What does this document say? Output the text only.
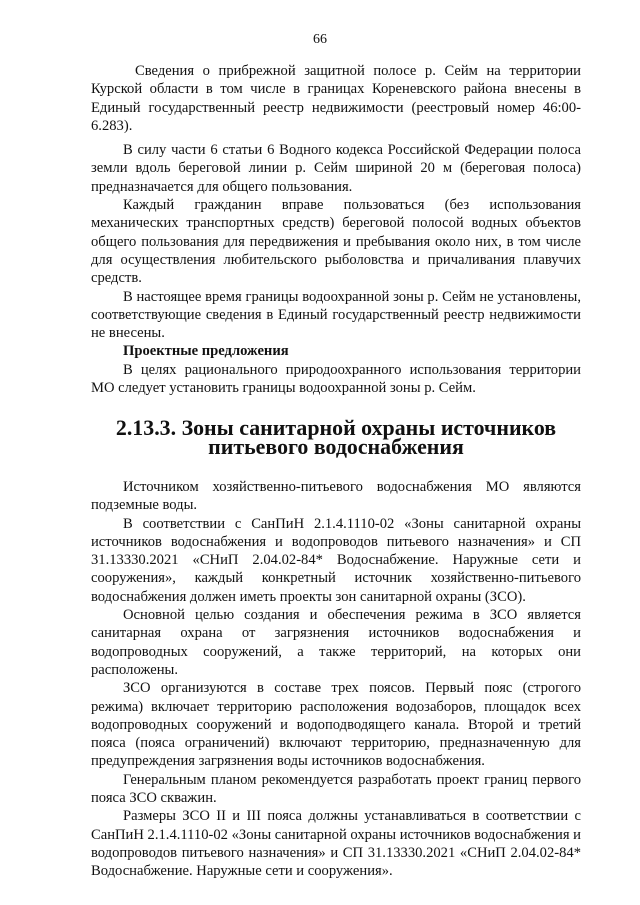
66

Сведения о прибрежной защитной полосе р. Сейм на территории Курской области в том числе в границах Кореневского района внесены в Единый государственный реестр недвижимости (реестровый номер 46:00-6.283).

В силу части 6 статьи 6 Водного кодекса Российской Федерации полоса земли вдоль береговой линии р. Сейм шириной 20 м (береговая полоса) предназначается для общего пользования.

Каждый гражданин вправе пользоваться (без использования механических транспортных средств) береговой полосой водных объектов общего пользования для передвижения и пребывания около них, в том числе для осуществления любительского рыболовства и причаливания плавучих средств.

В настоящее время границы водоохранной зоны р. Сейм не установлены, соответствующие сведения в Единый государственный реестр недвижимости не внесены.

Проектные предложения

В целях рационального природоохранного использования территории МО следует установить границы водоохранной зоны р. Сейм.

2.13.3. Зоны санитарной охраны источников
питьевого водоснабжения

Источником хозяйственно-питьевого водоснабжения МО являются подземные воды.

В соответствии с СанПиН 2.1.4.1110-02 «Зоны санитарной охраны источников водоснабжения и водопроводов питьевого назначения» и СП 31.13330.2021 «СНиП 2.04.02-84* Водоснабжение. Наружные сети и сооружения», каждый конкретный источник хозяйственно-питьевого водоснабжения должен иметь проекты зон санитарной охраны (ЗСО).

Основной целью создания и обеспечения режима в ЗСО является санитарная охрана от загрязнения источников водоснабжения и водопроводных сооружений, а также территорий, на которых они расположены.

ЗСО организуются в составе трех поясов. Первый пояс (строгого режима) включает территорию расположения водозаборов, площадок всех водопроводных сооружений и водоподводящего канала. Второй и третий пояса (пояса ограничений) включают территорию, предназначенную для предупреждения загрязнения воды источников водоснабжения.

Генеральным планом рекомендуется разработать проект границ первого пояса ЗСО скважин.

Размеры ЗСО II и III пояса должны устанавливаться в соответствии с СанПиН 2.1.4.1110-02 «Зоны санитарной охраны источников водоснабжения и водопроводов питьевого назначения» и СП 31.13330.2021 «СНиП 2.04.02-84* Водоснабжение. Наружные сети и сооружения».
